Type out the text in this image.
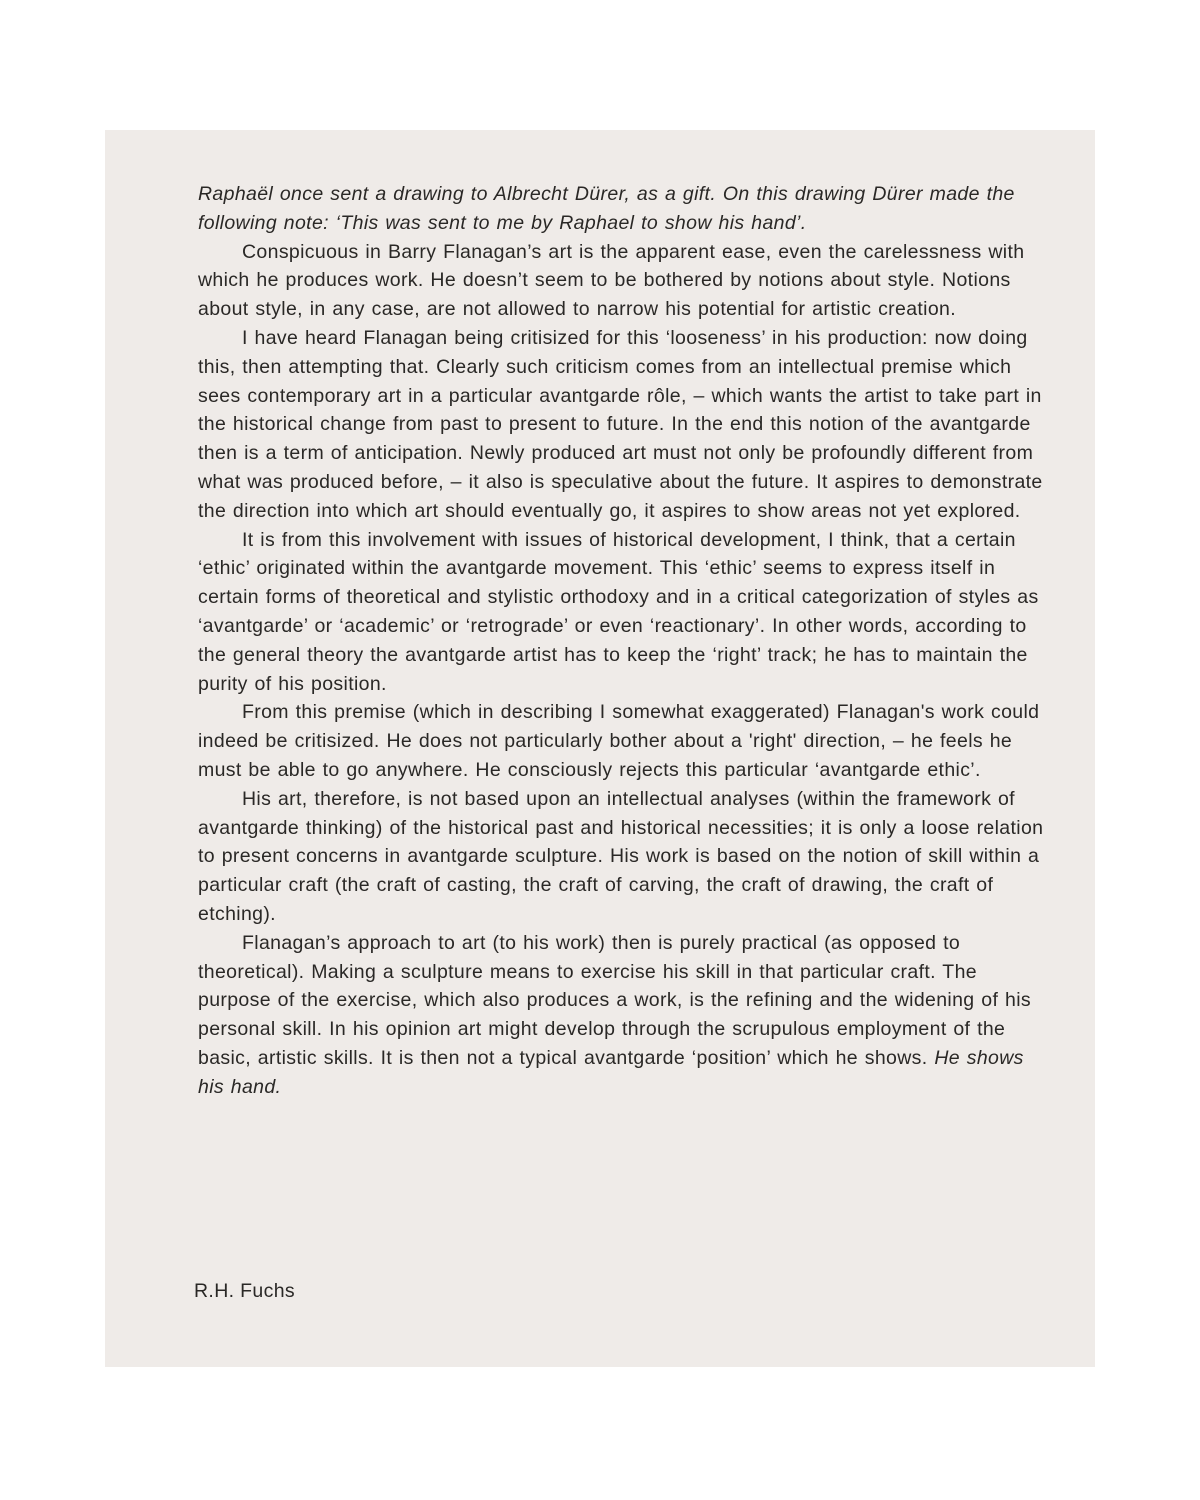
Raphaël once sent a drawing to Albrecht Dürer, as a gift. On this drawing Dürer made the following note: ‘This was sent to me by Raphael to show his hand’.

Conspicuous in Barry Flanagan’s art is the apparent ease, even the carelessness with which he produces work. He doesn’t seem to be bothered by notions about style. Notions about style, in any case, are not allowed to narrow his potential for artistic creation.

I have heard Flanagan being critisized for this ‘looseness’ in his production: now doing this, then attempting that. Clearly such criticism comes from an intellectual premise which sees contemporary art in a particular avantgarde rôle, – which wants the artist to take part in the historical change from past to present to future. In the end this notion of the avantgarde then is a term of anticipation. Newly produced art must not only be profoundly different from what was produced before, – it also is speculative about the future. It aspires to demonstrate the direction into which art should eventually go, it aspires to show areas not yet explored.

It is from this involvement with issues of historical development, I think, that a certain ‘ethic’ originated within the avantgarde movement. This ‘ethic’ seems to express itself in certain forms of theoretical and stylistic orthodoxy and in a critical categorization of styles as ‘avantgarde’ or ‘academic’ or ‘retrograde’ or even ‘reactionary’. In other words, according to the general theory the avantgarde artist has to keep the ‘right’ track; he has to maintain the purity of his position.

From this premise (which in describing I somewhat exaggerated) Flanagan's work could indeed be critisized. He does not particularly bother about a 'right' direction, – he feels he must be able to go anywhere. He consciously rejects this particular ‘avantgarde ethic’.

His art, therefore, is not based upon an intellectual analyses (within the framework of avantgarde thinking) of the historical past and historical necessities; it is only a loose relation to present concerns in avantgarde sculpture. His work is based on the notion of skill within a particular craft (the craft of casting, the craft of carving, the craft of drawing, the craft of etching).

Flanagan’s approach to art (to his work) then is purely practical (as opposed to theoretical). Making a sculpture means to exercise his skill in that particular craft. The purpose of the exercise, which also produces a work, is the refining and the widening of his personal skill. In his opinion art might develop through the scrupulous employment of the basic, artistic skills. It is then not a typical avantgarde ‘position’ which he shows. He shows his hand.

R.H. Fuchs
